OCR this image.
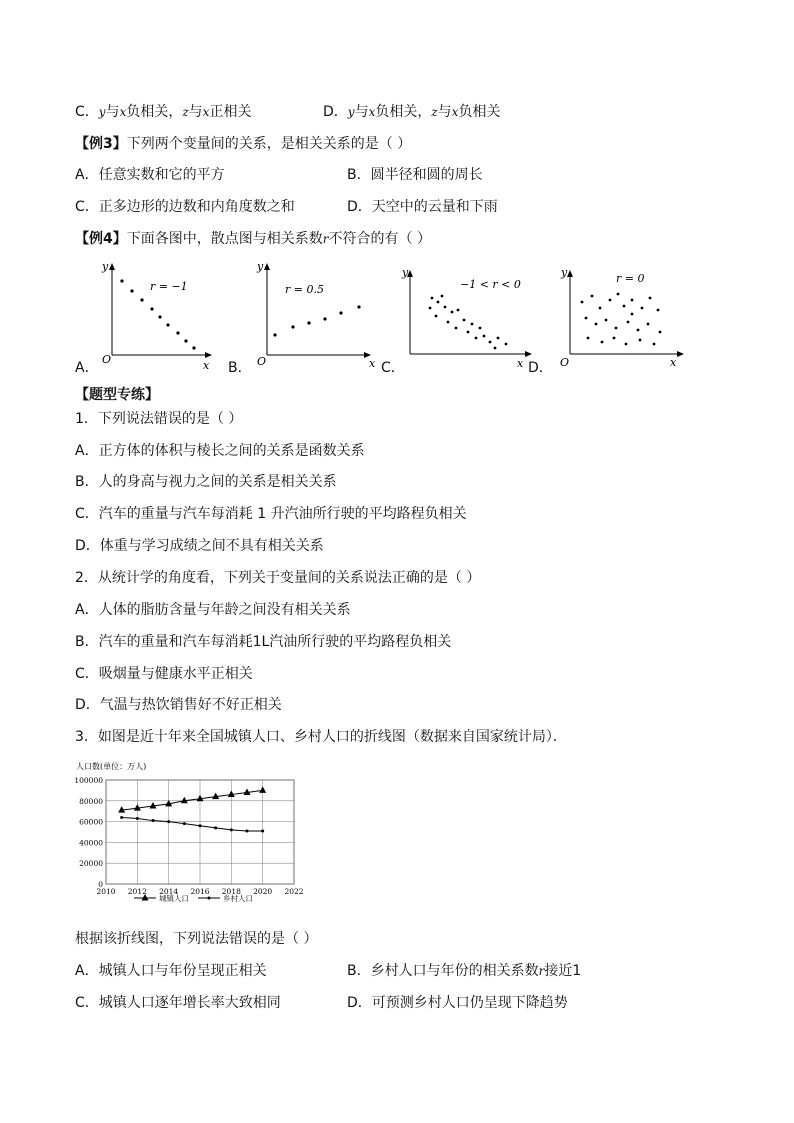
C．y与x负相关，z与x正相关	D．y与x负相关，z与x负相关
【例3】下列两个变量间的关系，是相关关系的是（ ）
A．任意实数和它的平方	B．圆半径和圆的周长
C．正多边形的边数和内角度数之和	D．天空中的云量和下雨
【例4】下面各图中，散点图与相关系数r不符合的有（ ）
y
x
O
r = −1
A．
y
x
O
r = 0.5
B．
y
x
−1 < r < 0
C．
y
x
O
r = 0
D．
【题型专练】
1．下列说法错误的是（ ）
A．正方体的体积与棱长之间的关系是函数关系
B．人的身高与视力之间的关系是相关关系
C．汽车的重量与汽车每消耗 1 升汽油所行驶的平均路程负相关
D．体重与学习成绩之间不具有相关关系
2．从统计学的角度看，下列关于变量间的关系说法正确的是（ ）
A．人体的脂肪含量与年龄之间没有相关关系
B．汽车的重量和汽车每消耗1L汽油所行驶的平均路程负相关
C．吸烟量与健康水平正相关
D．气温与热饮销售好不好正相关
3．如图是近十年来全国城镇人口、乡村人口的折线图（数据来自国家统计局）．
人口数(单位：万人)
0
20000
40000
60000
80000
100000
2010 2012 2014 2016 2018 2020 2022
城镇人口	乡村人口
根据该折线图，下列说法错误的是（ ）
A．城镇人口与年份呈现正相关	B．乡村人口与年份的相关系数r接近1
C．城镇人口逐年增长率大致相同	D．可预测乡村人口仍呈现下降趋势
